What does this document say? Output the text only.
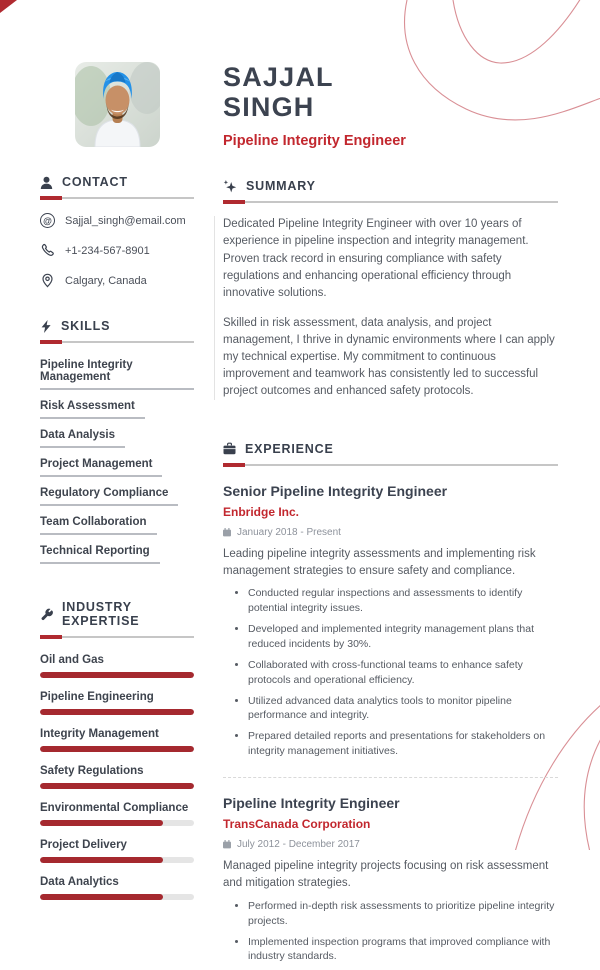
CONTACT
@ Sajjal_singh@email.com
+1-234-567-8901
Calgary, Canada
SKILLS
Pipeline Integrity Management
Risk Assessment
Data Analysis
Project Management
Regulatory Compliance
Team Collaboration
Technical Reporting
INDUSTRY EXPERTISE
Oil and Gas
Pipeline Engineering
Integrity Management
Safety Regulations
Environmental Compliance
Project Delivery
Data Analytics
SAJJAL SINGH
Pipeline Integrity Engineer
SUMMARY

Dedicated Pipeline Integrity Engineer with over 10 years of experience in pipeline inspection and integrity management. Proven track record in ensuring compliance with safety regulations and enhancing operational efficiency through innovative solutions.

Skilled in risk assessment, data analysis, and project management, I thrive in dynamic environments where I can apply my technical expertise. My commitment to continuous improvement and teamwork has consistently led to successful project outcomes and enhanced safety protocols.

EXPERIENCE
Senior Pipeline Integrity Engineer
Enbridge Inc.
January 2018 - Present
Leading pipeline integrity assessments and implementing risk management strategies to ensure safety and compliance.
• Conducted regular inspections and assessments to identify potential integrity issues.
• Developed and implemented integrity management plans that reduced incidents by 30%.
• Collaborated with cross-functional teams to enhance safety protocols and operational efficiency.
• Utilized advanced data analytics tools to monitor pipeline performance and integrity.
• Prepared detailed reports and presentations for stakeholders on integrity management initiatives.
Pipeline Integrity Engineer
TransCanada Corporation
July 2012 - December 2017
Managed pipeline integrity projects focusing on risk assessment and mitigation strategies.
• Performed in-depth risk assessments to prioritize pipeline integrity projects.
• Implemented inspection programs that improved compliance with industry standards.
